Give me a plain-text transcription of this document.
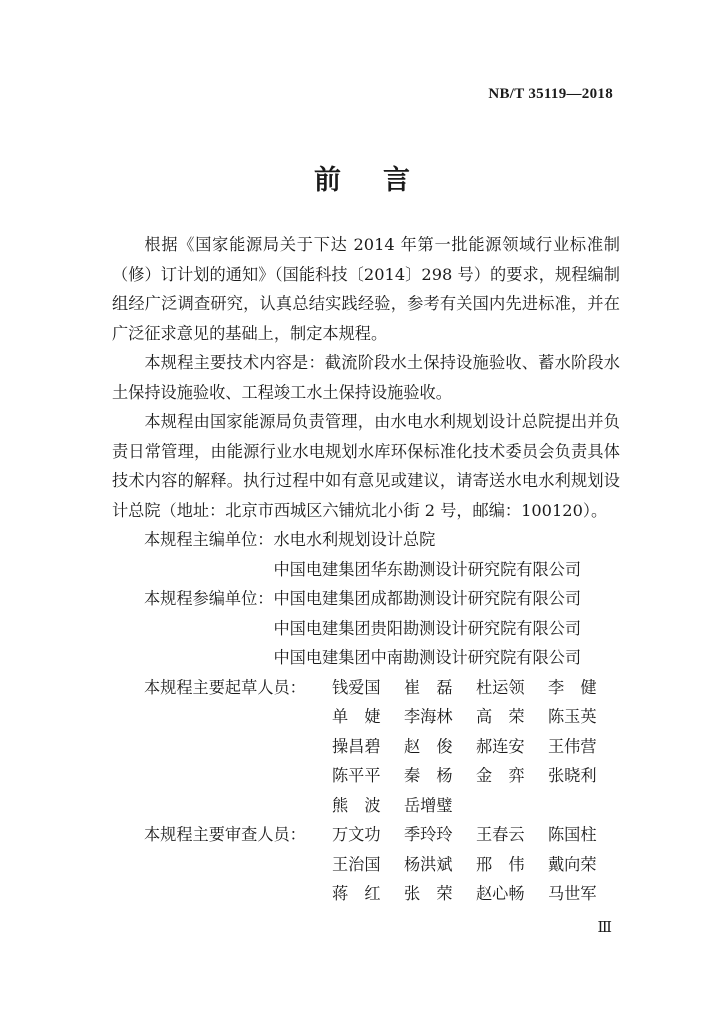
NB/T 35119—2018
前言

根据《国家能源局关于下达 2014 年第一批能源领域行业标准制（修）订计划的通知》（国能科技〔2014〕298 号）的要求，规程编制组经广泛调查研究，认真总结实践经验，参考有关国内先进标准，并在广泛征求意见的基础上，制定本规程。

本规程主要技术内容是：截流阶段水土保持设施验收、蓄水阶段水土保持设施验收、工程竣工水土保持设施验收。

本规程由国家能源局负责管理，由水电水利规划设计总院提出并负责日常管理，由能源行业水电规划水库环保标准化技术委员会负责具体技术内容的解释。执行过程中如有意见或建议，请寄送水电水利规划设计总院（地址：北京市西城区六铺炕北小街 2 号，邮编：100120）。

本规程主编单位： 水电水利规划设计总院
中国电建集团华东勘测设计研究院有限公司
本规程参编单位： 中国电建集团成都勘测设计研究院有限公司
中国电建集团贵阳勘测设计研究院有限公司
中国电建集团中南勘测设计研究院有限公司
本规程主要起草人员：	钱爱国	崔　磊	杜运领	李　健
单　婕	李海林	高　荣	陈玉英
操昌碧	赵　俊	郝连安	王伟营
陈平平	秦　杨	金　弈	张晓利
熊　波	岳增璧
本规程主要审查人员：	万文功	季玲玲	王春云	陈国柱
王治国	杨洪斌	邢　伟	戴向荣
蒋　红	张　荣	赵心畅	马世军
Ⅲ
